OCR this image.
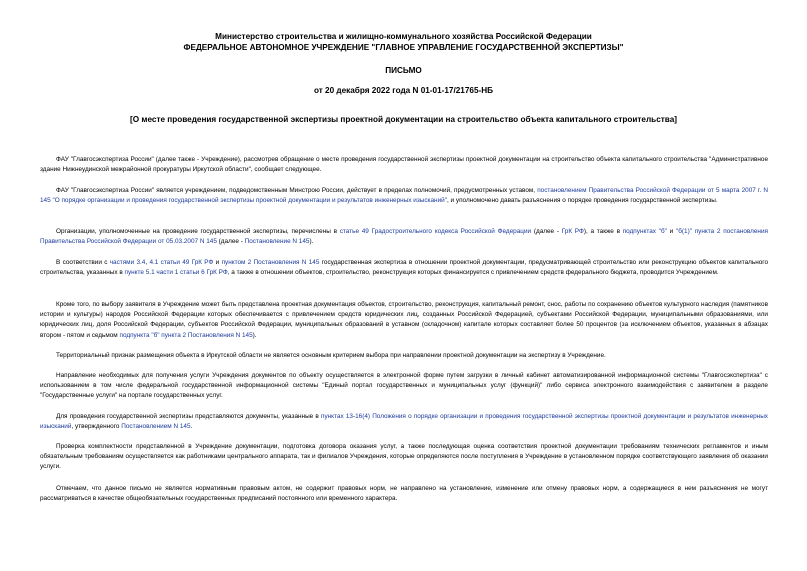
Министерство строительства и жилищно-коммунального хозяйства Российской Федерации
ФЕДЕРАЛЬНОЕ АВТОНОМНОЕ УЧРЕЖДЕНИЕ "ГЛАВНОЕ УПРАВЛЕНИЕ ГОСУДАРСТВЕННОЙ ЭКСПЕРТИЗЫ"
ПИСЬМО
от 20 декабря 2022 года N 01-01-17/21765-НБ
[О месте проведения государственной экспертизы проектной документации на строительство объекта капитального строительства]
ФАУ "Главгосэкспертиза России" (далее также - Учреждение), рассмотрев обращение о месте проведения государственной экспертизы проектной документации на строительство объекта капитального строительства "Административное здание Нижнеудинской межрайонной прокуратуры Иркутской области", сообщает следующее.
ФАУ "Главгосэкспертиза России" является учреждением, подведомственным Минстрою России, действует в пределах полномочий, предусмотренных уставом, постановлением Правительства Российской Федерации от 5 марта 2007 г. N 145 "О порядке организации и проведения государственной экспертизы проектной документации и результатов инженерных изысканий", и уполномочено давать разъяснения о порядке проведения государственной экспертизы.
Организации, уполномоченные на проведение государственной экспертизы, перечислены в статье 49 Градостроительного кодекса Российской Федерации (далее - ГрК РФ), а также в подпунктах "б" и "б(1)" пункта 2 постановления Правительства Российской Федерации от 05.03.2007 N 145 (далее - Постановление N 145).
В соответствии с частями 3.4, 4.1 статьи 49 ГрК РФ и пунктом 2 Постановления N 145 государственная экспертиза в отношении проектной документации, предусматривающей строительство или реконструкцию объектов капитального строительства, указанных в пункте 5.1 части 1 статьи 6 ГрК РФ, а также в отношении объектов, строительство, реконструкция которых финансируется с привлечением средств федерального бюджета, проводится Учреждением.
Кроме того, по выбору заявителя в Учреждение может быть представлена проектная документация объектов, строительство, реконструкция, капитальный ремонт, снос, работы по сохранению объектов культурного наследия (памятников истории и культуры) народов Российской Федерации которых обеспечивается с привлечением средств юридических лиц, созданных Российской Федерацией, субъектами Российской Федерации, муниципальными образованиями, или юридических лиц, доля Российской Федерации, субъектов Российской Федерации, муниципальных образований в уставном (складочном) капитале которых составляет более 50 процентов (за исключением объектов, указанных в абзацах втором - пятом и седьмом подпункта "б" пункта 2 Постановления N 145).
Территориальный признак размещения объекта в Иркутской области не является основным критерием выбора при направлении проектной документации на экспертизу в Учреждение.
Направление необходимых для получения услуги Учреждения документов по объекту осуществляется в электронной форме путем загрузки в личный кабинет автоматизированной информационной системы "Главгосэкспертиза" с использованием в том числе федеральной государственной информационной системы "Единый портал государственных и муниципальных услуг (функций)" либо сервиса электронного взаимодействия с заявителем в разделе "Государственные услуги" на портале государственных услуг.
Для проведения государственной экспертизы представляются документы, указанные в пунктах 13-16(4) Положения о порядке организации и проведения государственной экспертизы проектной документации и результатов инженерных изысканий, утвержденного Постановлением N 145.
Проверка комплектности представленной в Учреждение документации, подготовка договора оказания услуг, а также последующая оценка соответствия проектной документации требованиям технических регламентов и иным обязательным требованиям осуществляется как работниками центрального аппарата, так и филиалов Учреждения, которые определяются после поступления в Учреждение в установленном порядке соответствующего заявления об оказании услуги.
Отмечаем, что данное письмо не является нормативным правовым актом, не содержит правовых норм, не направлено на установление, изменение или отмену правовых норм, а содержащиеся в нем разъяснения не могут рассматриваться в качестве общеобязательных государственных предписаний постоянного или временного характера.
